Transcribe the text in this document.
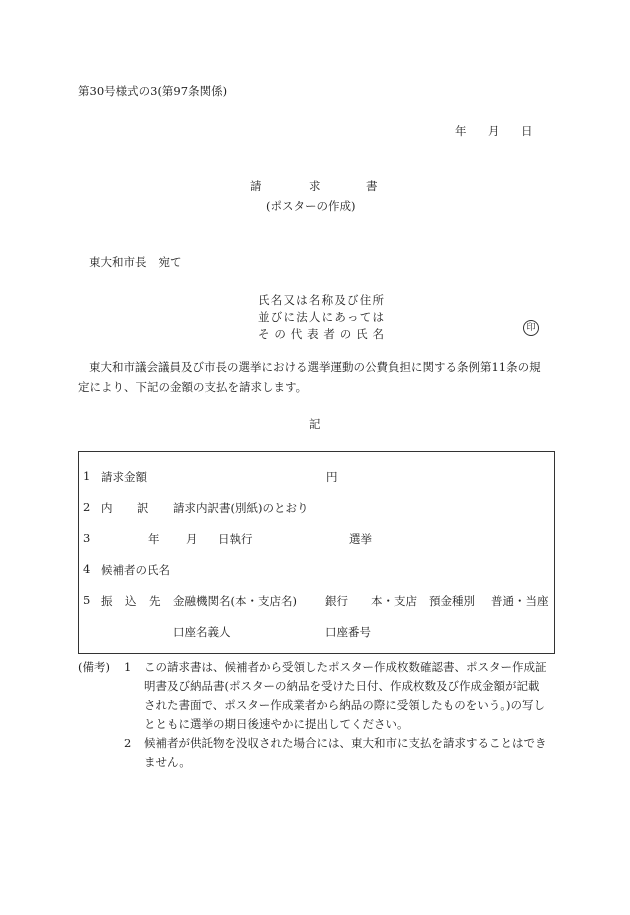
第30号様式の3(第97条関係)
年 月 日
請	求	書
(ポスターの作成)
東大和市長 宛て
氏名又は名称及び住所
並びに法人にあっては
その代表者の氏名	印

東大和市議会議員及び市長の選挙における選挙運動の公費負担に関する条例第11条の規定により、下記の金額の支払を請求します。

記
1 請求金額	円
2 内 訳 請求内訳書(別紙)のとおり
3	年 月 日執行	選挙
4 候補者の氏名
5 振 込 先 金融機関名(本・支店名) 銀行 本・支店 預金種別 普通・当座
口座名義人	口座番号
(備考) 1 この請求書は、候補者から受領したポスター作成枚数確認書、ポスター作成証明書及び納品書(ポスターの納品を受けた日付、作成枚数及び作成金額が記載された書面で、ポスター作成業者から納品の際に受領したものをいう。)の写しとともに選挙の期日後速やかに提出してください。
2 候補者が供託物を没収された場合には、東大和市に支払を請求することはできません。
